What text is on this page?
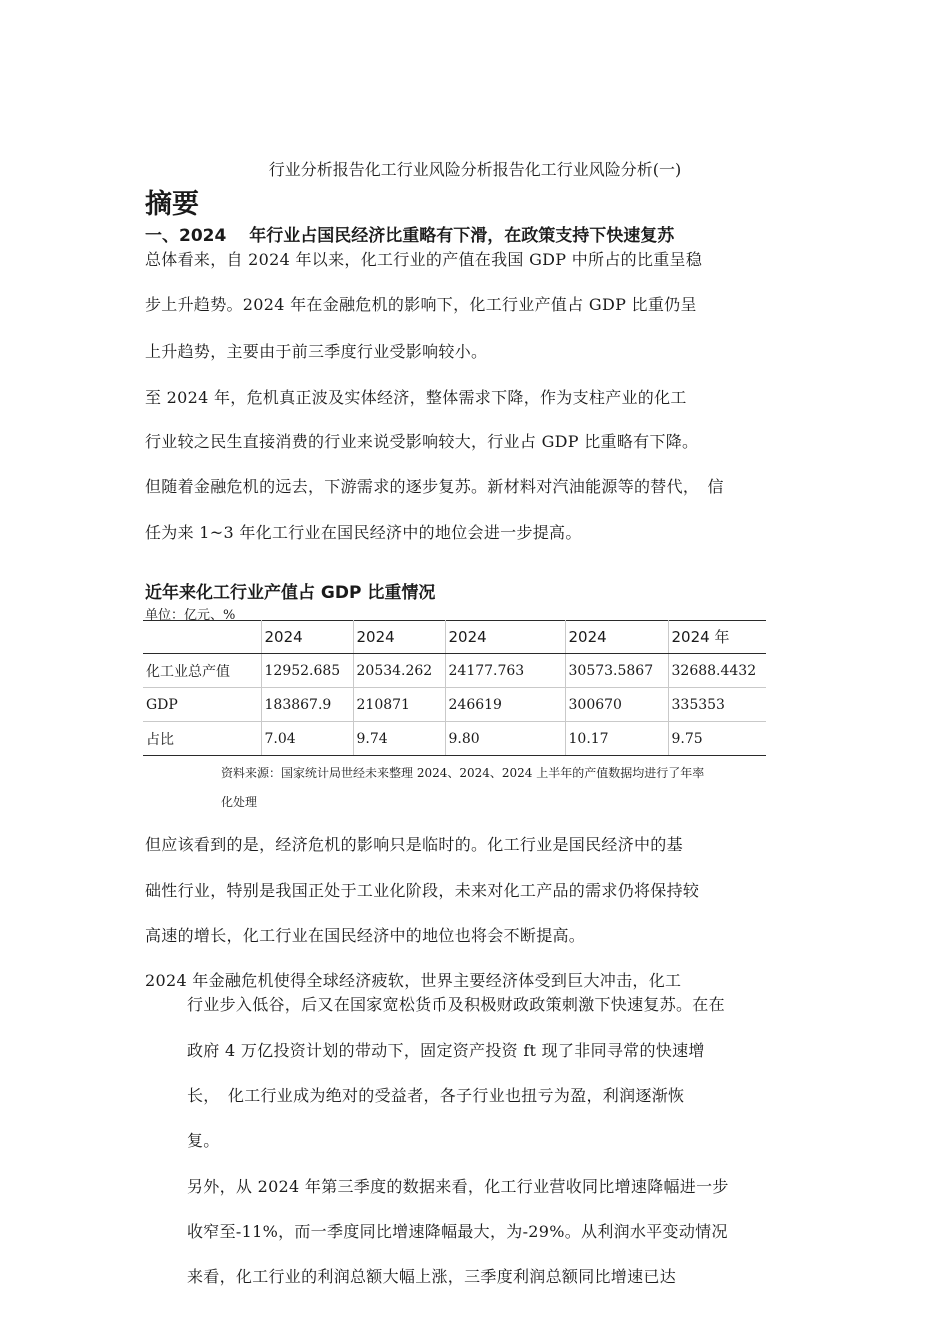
行业分析报告化工行业风险分析报告化工行业风险分析(一)
摘要
一、2024　 年行业占国民经济比重略有下滑，在政策支持下快速复苏
总体看来，自 2024 年以来，化工行业的产值在我国 GDP 中所占的比重呈稳
步上升趋势。2024 年在金融危机的影响下，化工行业产值占 GDP 比重仍呈
上升趋势，主要由于前三季度行业受影响较小。
至 2024 年，危机真正波及实体经济，整体需求下降，作为支柱产业的化工
行业较之民生直接消费的行业来说受影响较大，行业占 GDP 比重略有下降。
但随着金融危机的远去，下游需求的逐步复苏。新材料对汽油能源等的替代，　信
任为来 1~3 年化工行业在国民经济中的地位会进一步提高。
近年来化工行业产值占 GDP 比重情况
单位：亿元、%
	2024	2024	2024	2024	2024 年
化工业总产值	12952.685	20534.262	24177.763	30573.5867	32688.4432
GDP	183867.9	210871	246619	300670	335353
占比	7.04	9.74	9.80	10.17	9.75
资料来源：国家统计局世经未来整理 2024、2024、2024 上半年的产值数据均进行了年率
化处理
但应该看到的是，经济危机的影响只是临时的。化工行业是国民经济中的基
础性行业，特别是我国正处于工业化阶段，未来对化工产品的需求仍将保持较
高速的增长，化工行业在国民经济中的地位也将会不断提高。
2024 年金融危机使得全球经济疲软，世界主要经济体受到巨大冲击，化工
行业步入低谷，后又在国家宽松货币及积极财政政策刺激下快速复苏。在在
政府 4 万亿投资计划的带动下，固定资产投资 ft 现了非同寻常的快速增
长，　化工行业成为绝对的受益者，各子行业也扭亏为盈，利润逐渐恢
复。
另外，从 2024 年第三季度的数据来看，化工行业营收同比增速降幅进一步
收窄至-11%，而一季度同比增速降幅最大，为-29%。从利润水平变动情况
来看，化工行业的利润总额大幅上涨，三季度利润总额同比增速已达
